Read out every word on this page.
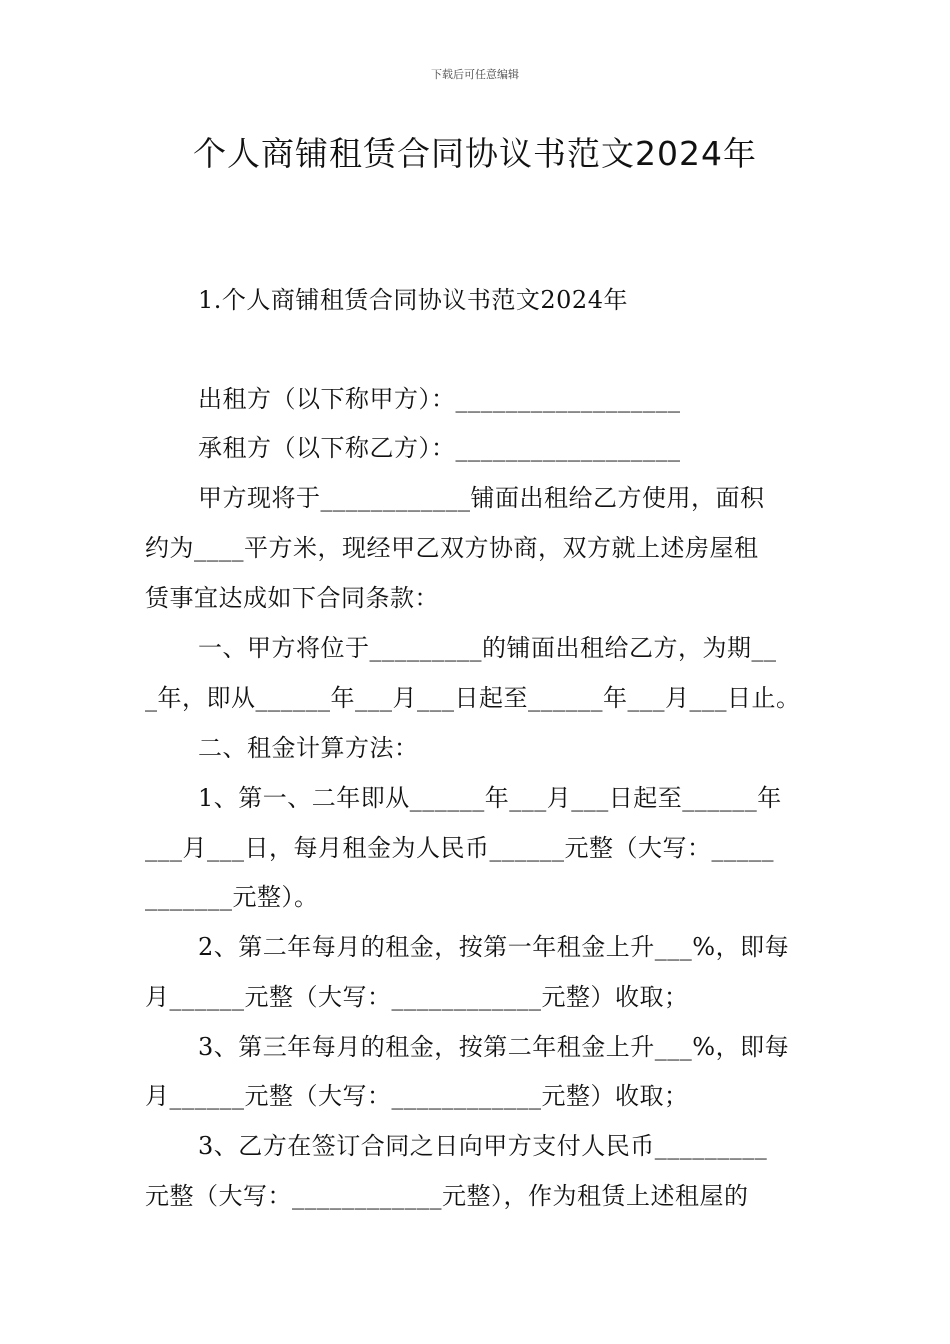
下载后可任意编辑
个人商铺租赁合同协议书范文2024年
1.个人商铺租赁合同协议书范文2024年
出租方（以下称甲方）：__________________
承租方（以下称乙方）：__________________
甲方现将于____________铺面出租给乙方使用，面积
约为____平方米，现经甲乙双方协商，双方就上述房屋租
赁事宜达成如下合同条款：
一、甲方将位于_________的铺面出租给乙方，为期__
_年，即从______年___月___日起至______年___月___日止。
二、租金计算方法：
1、第一、二年即从______年___月___日起至______年
___月___日，每月租金为人民币______元整（大写：_____
_______元整）。
2、第二年每月的租金，按第一年租金上升___%，即每
月______元整（大写：____________元整）收取；
3、第三年每月的租金，按第二年租金上升___%，即每
月______元整（大写：____________元整）收取；
3、乙方在签订合同之日向甲方支付人民币_________
元整（大写：____________元整），作为租赁上述租屋的
